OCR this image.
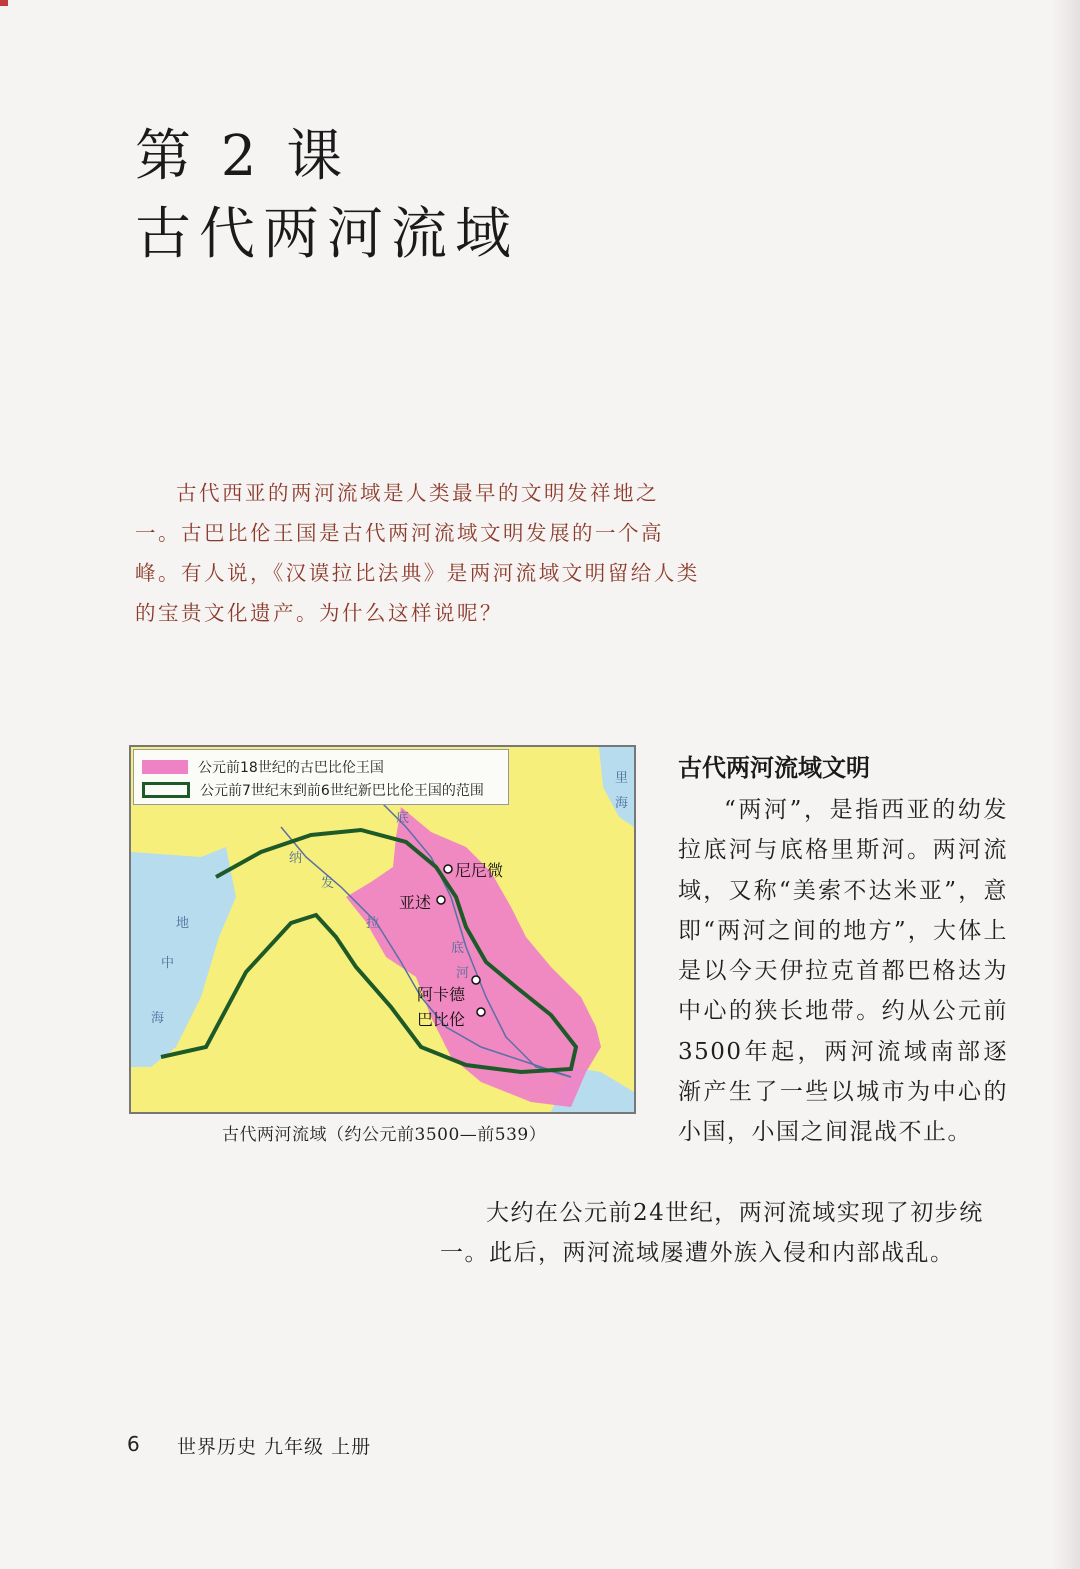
第 2 课
古代两河流域

古代西亚的两河流域是人类最早的文明发祥地之一。古巴比伦王国是古代两河流域文明发展的一个高峰。有人说，《汉谟拉比法典》是两河流域文明留给人类的宝贵文化遗产。为什么这样说呢？

公元前18世纪的古巴比伦王国
公元前7世纪末到前6世纪新巴比伦王国的范围
尼尼微
亚述
阿卡德
巴比伦
底
纳
发
拉
底
河
里
海
地
中
海
古代两河流域（约公元前3500—前539）
古代两河流域文明

“两河”，是指西亚的幼发拉底河与底格里斯河。两河流域，又称“美索不达米亚”，意即“两河之间的地方”，大体上是以今天伊拉克首都巴格达为中心的狭长地带。约从公元前3500年起，两河流域南部逐渐产生了一些以城市为中心的小国，小国之间混战不止。

大约在公元前24世纪，两河流域实现了初步统一。此后，两河流域屡遭外族入侵和内部战乱。

6 世界历史 九年级 上册
